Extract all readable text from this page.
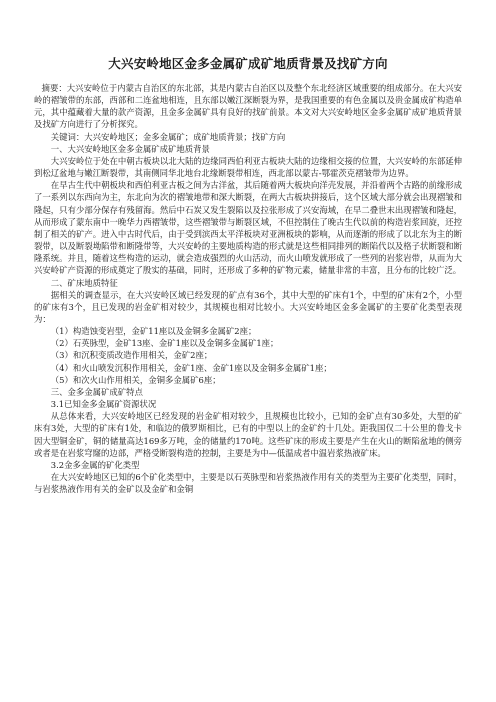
大兴安岭地区金多金属矿成矿地质背景及找矿方向

摘要：大兴安岭位于内蒙古自治区的东北部，其是内蒙古自治区以及整个东北经济区域重要的组成部分。在大兴安岭的褶皱带的东部，西部和二连盆地相连，且东部以嫩江深断裂为界，是我国重要的有色金属以及贵金属成矿构造单元，其中蕴藏着大量的款产资源，且金多金属矿具有良好的找矿前景。本文对大兴安岭地区金多金属矿成矿地质背景及找矿方向进行了分析探究。

关键词：大兴安岭地区；金多金属矿；成矿地质背景；找矿方向

一、大兴安岭地区金多金属矿成矿地质背景

大兴安岭位于处在中朝古板块以北大陆的边缘同西伯利亚古板块大陆的边缘相交接的位置，大兴安岭的东部延伸到松辽盆地与嫩江断裂带，其南侧同华北地台北缘断裂带相连，西北部以蒙古-鄂霍茨克褶皱带为边界。

在早古生代中朝板块和西伯利亚古板之间为古洋盆，其后随着两大板块向洋壳发展，并沿着两个古路的前缘形成了一系列以东西向为主，东北向为次的褶皱地带和深大断裂，在两大古板块拼接后，这个区域大部分就会出现褶皱和隆起，只有少部分保存有残留海。然后中石炭又发生裂陷以及拉张形成了兴安海域，在早二叠世末出现褶皱和隆起，从而形成了蒙东南中一晚华力西褶皱带，这些褶皱带与断裂区域，不但控制住了晚古生代以前的构造岩浆回旋，还控制了相关的矿产。进入中古时代后，由于受到滨西太平洋板块对亚洲板块的影响，从而逐渐的形成了以北东为主的断裂带，以及断裂坳陷带和断隆带等，大兴安岭的主要地质构造的形式就是这些相同排列的断陷代以及格子状断裂和断隆系统。并且，随着这些构造的运动，就会造成强烈的火山活动，而火山喷发就形成了一些列的岩浆岩带，从而为大兴安岭矿产资源的形成奠定了殷实的基础，同时，还形成了多种的矿物元素，储量非常的丰富，且分布的比较广泛。

二、矿床地质特征

据相关的调查显示，在大兴安岭区域已经发现的矿点有36个，其中大型的矿床有1个，中型的矿床有2个，小型的矿床有3个，且已发现的岩金矿相对较少，其规模也相对比较小。大兴安岭地区金多金属矿的主要矿化类型表现为：

（1）构造蚀变岩型，金矿11座以及金铜多金属矿2座；

（2）石英脉型，金矿13座、金矿1座以及金铜多金属矿1座；

（3）和沉积变质改造作用相关，金矿2座；

（4）和火山喷发沉积作用相关，金矿1座、金矿1座以及金铜多金属矿1座；

（5）和次火山作用相关，金铜多金属矿6座；

三、金多金属矿成矿特点

3.1已知金多金属矿资源状况

从总体来看，大兴安岭地区已经发现的岩金矿相对较少，且规模也比较小，已知的金矿点有30多处，大型的矿床有3处，大型的矿床有1处，和临边的俄罗斯相比，已有的中型以上的金矿约十几处。距我国仅二十公里的鲁戈卡因大型铜金矿，铜的储量高达169多万吨，金的储量约170吨。这些矿床的形成主要是产生在火山的断陷盆地的侧旁或者是在岩浆穹窿的边部，严格受断裂构造的控制，主要是为中—低温成者中温岩浆热液矿床。

3.2金多金属的矿化类型

在大兴安岭地区已知的6个矿化类型中，主要是以石英脉型和岩浆热液作用有关的类型为主要矿化类型，同时，与岩浆热液作用有关的金矿以及金矿和金铜
